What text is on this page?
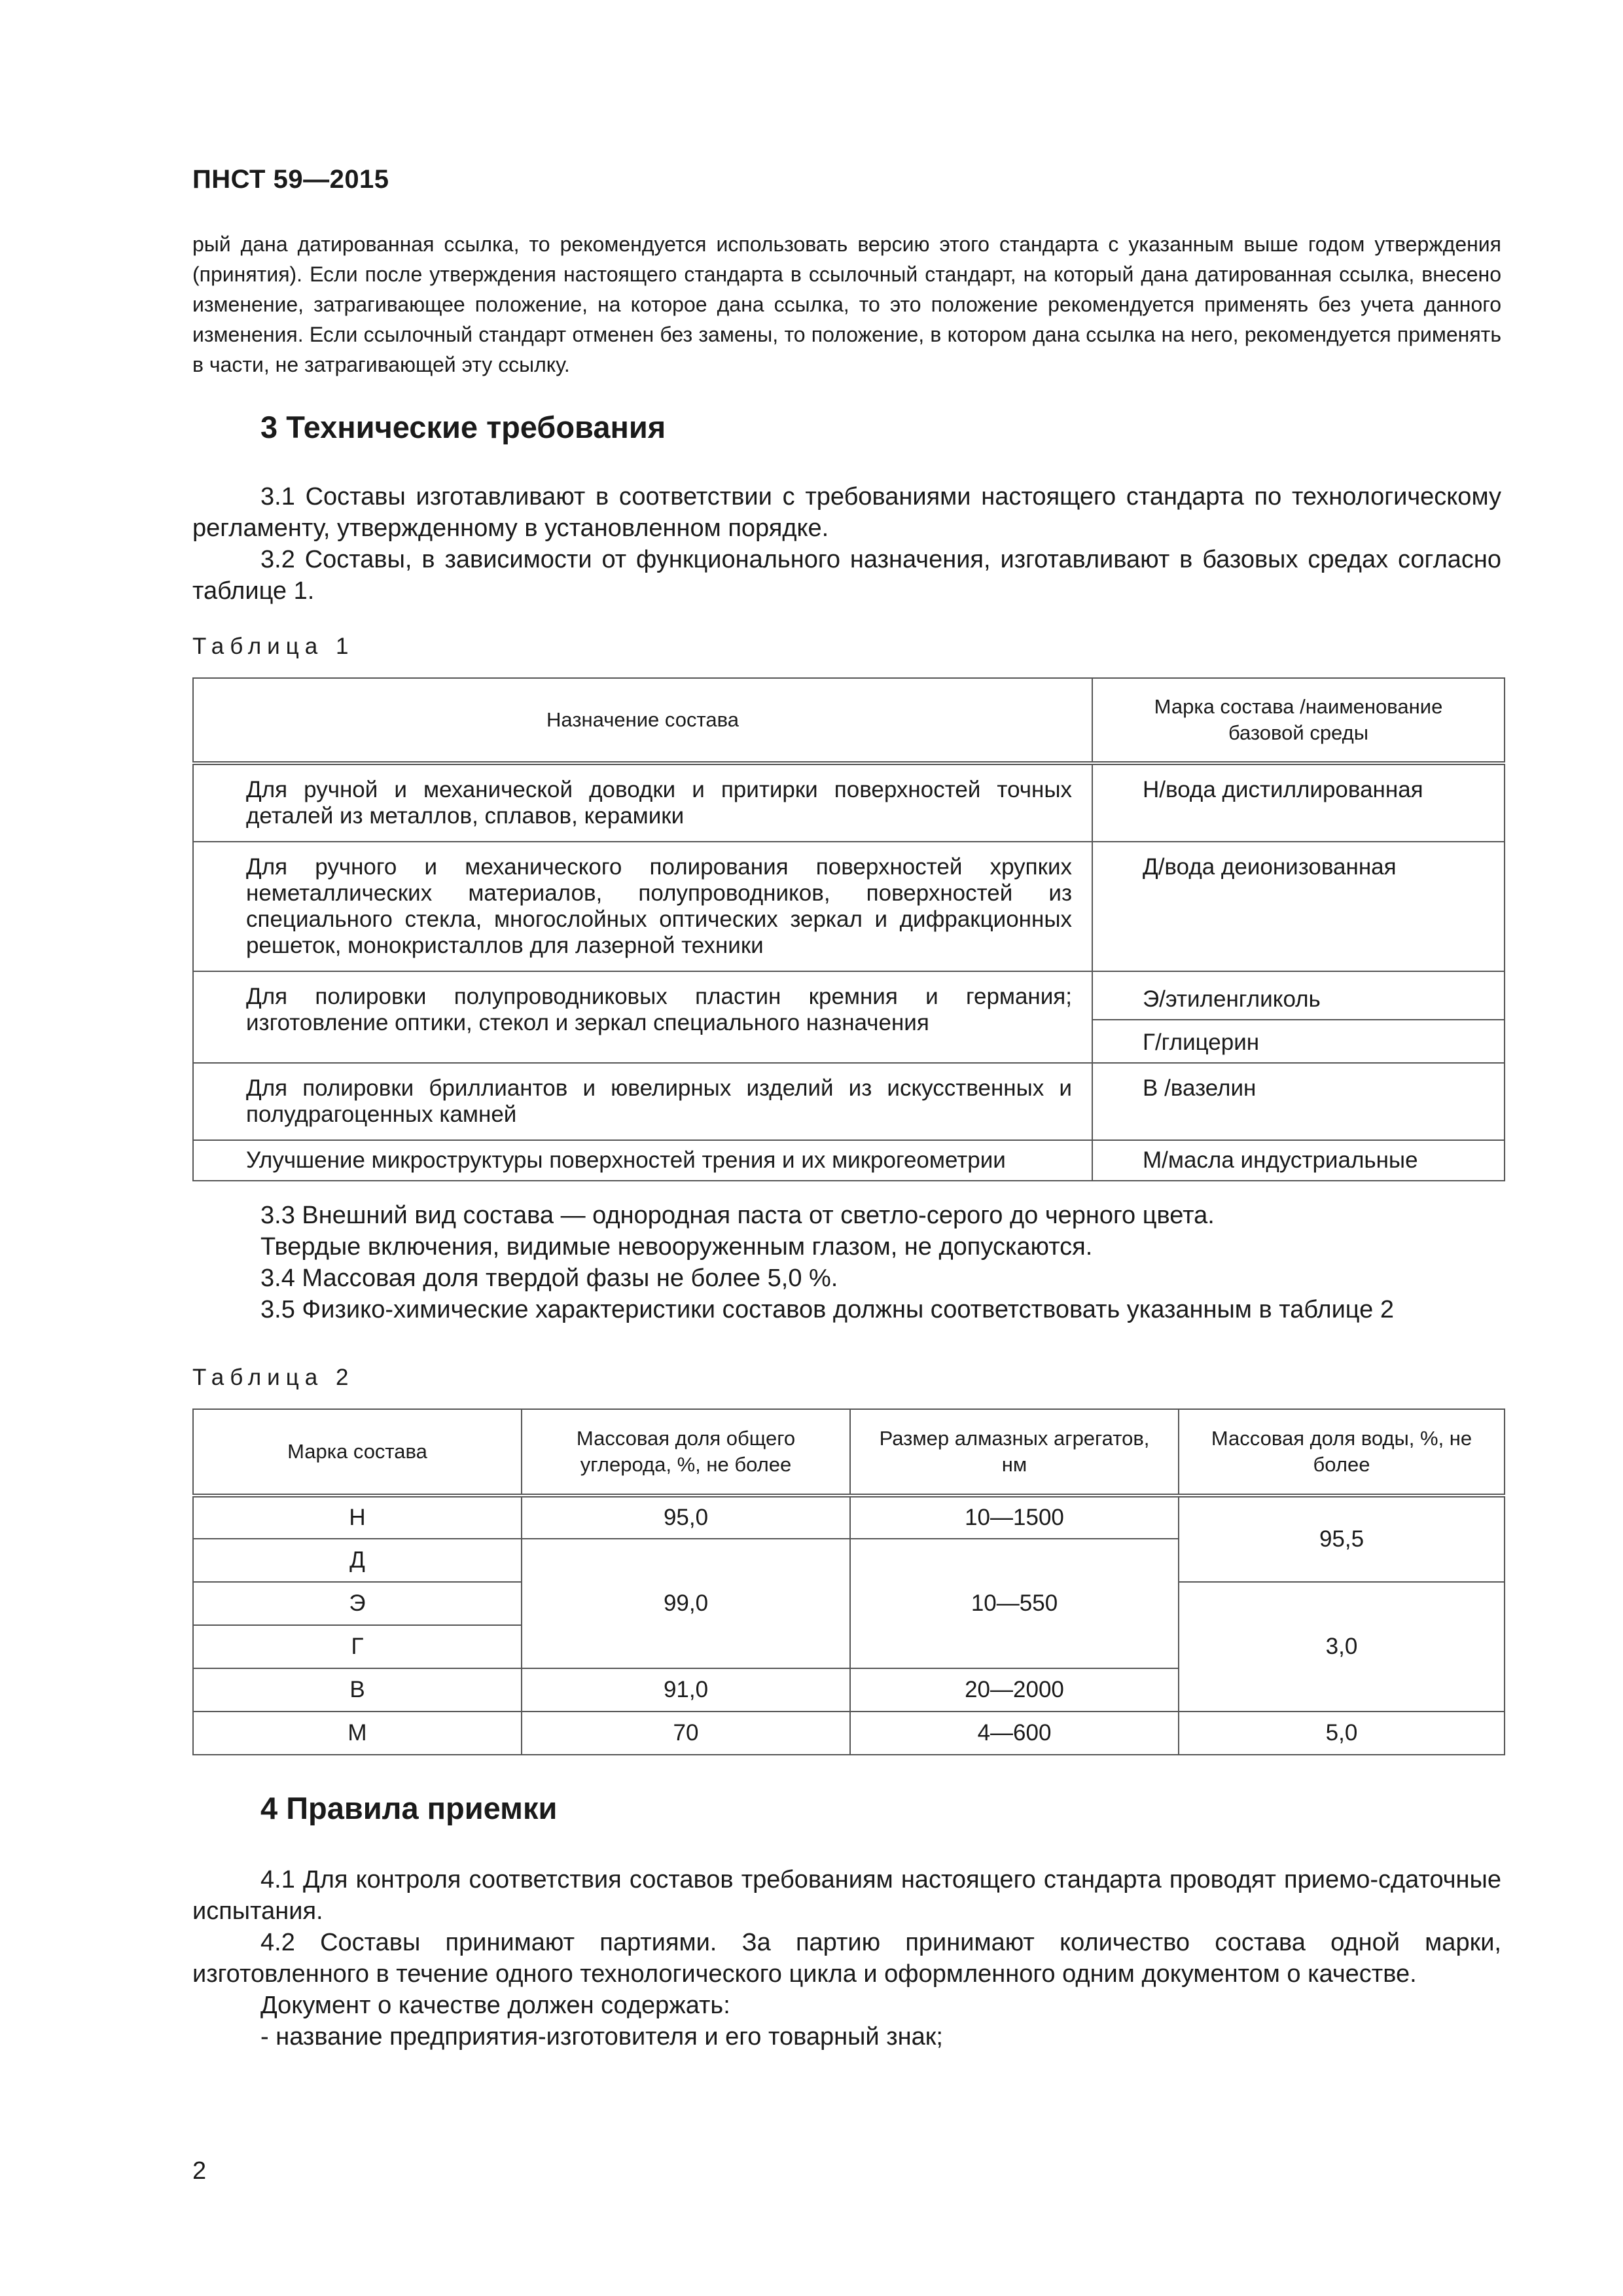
ПНСТ 59—2015

рый дана датированная ссылка, то рекомендуется использовать версию этого стандарта с указанным выше годом утверждения (принятия). Если после утверждения настоящего стандарта в ссылочный стандарт, на который дана датированная ссылка, внесено изменение, затрагивающее положение, на которое дана ссылка, то это положение рекомендуется применять без учета данного изменения. Если ссылочный стандарт отменен без замены, то положение, в котором дана ссылка на него, рекомендуется применять в части, не затрагивающей эту ссылку.

3 Технические требования

3.1 Составы изготавливают в соответствии с требованиями настоящего стандарта по технологическому регламенту, утвержденному в установленном порядке.

3.2 Составы, в зависимости от функционального назначения, изготавливают в базовых средах согласно таблице 1.

Таблица 1
Назначение состава	Марка состава /наименование базовой среды
Для ручной и механической доводки и притирки поверхностей точных деталей из металлов, сплавов, керамики	Н/вода дистиллированная
Для ручного и механического полирования поверхностей хрупких неметаллических материалов, полупроводников, поверхностей из специального стекла, многослойных оптических зеркал и дифракционных решеток, монокристаллов для лазерной техники	Д/вода деионизованная
Для полировки полупроводниковых пластин кремния и германия; изготовление оптики, стекол и зеркал специального назначения	Э/этиленгликоль
	Г/глицерин
Для полировки бриллиантов и ювелирных изделий из искусственных и полудрагоценных камней	В /вазелин
Улучшение микроструктуры поверхностей трения и их микрогеометрии	М/масла индустриальные

3.3 Внешний вид состава — однородная паста от светло-серого до черного цвета.

Твердые включения, видимые невооруженным глазом, не допускаются.

3.4 Массовая доля твердой фазы не более 5,0 %.

3.5 Физико-химические характеристики составов должны соответствовать указанным в таблице 2

Таблица 2
Марка состава	Массовая доля общего углерода, %, не более	Размер алмазных агрегатов, нм	Массовая доля воды, %, не более
Н	95,0	10—1500	95,5
Д	99,0	10—550	
Э			3,0
Г			
В	91,0	20—2000	
М	70	4—600	5,0
4 Правила приемки

4.1 Для контроля соответствия составов требованиям настоящего стандарта проводят приемо-сдаточные испытания.

4.2 Составы принимают партиями. За партию принимают количество состава одной марки, изготовленного в течение одного технологического цикла и оформленного одним документом о качестве.

Документ о качестве должен содержать:

- название предприятия-изготовителя и его товарный знак;

2
